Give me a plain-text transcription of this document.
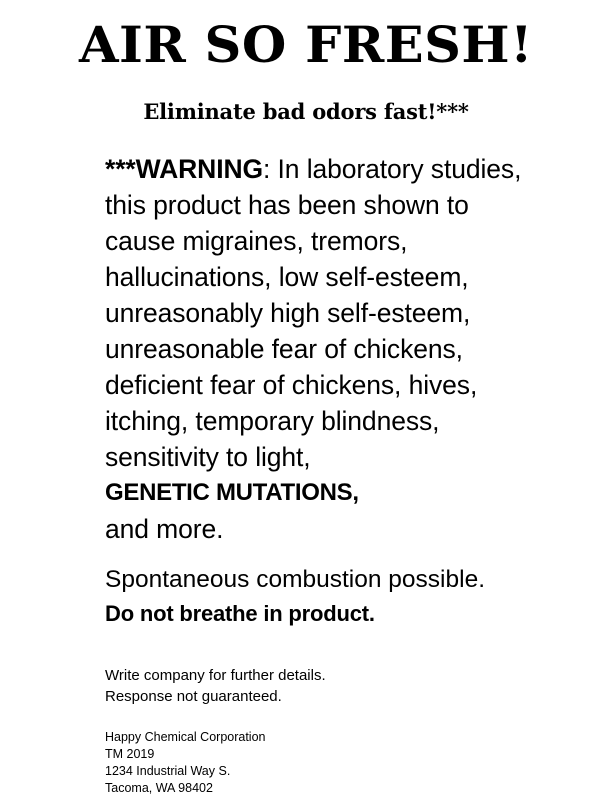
AIR SO FRESH!
Eliminate bad odors fast!***
***WARNING: In laboratory studies,
this product has been shown to
cause migraines, tremors,
hallucinations, low self-esteem,
unreasonably high self-esteem,
unreasonable fear of chickens,
deficient fear of chickens, hives,
itching, temporary blindness,
sensitivity to light,
GENETIC MUTATIONS,
and more.
Spontaneous combustion possible.
Do not breathe in product.
Write company for further details.
Response not guaranteed.
Happy Chemical Corporation
TM 2019
1234 Industrial Way S.
Tacoma, WA 98402
